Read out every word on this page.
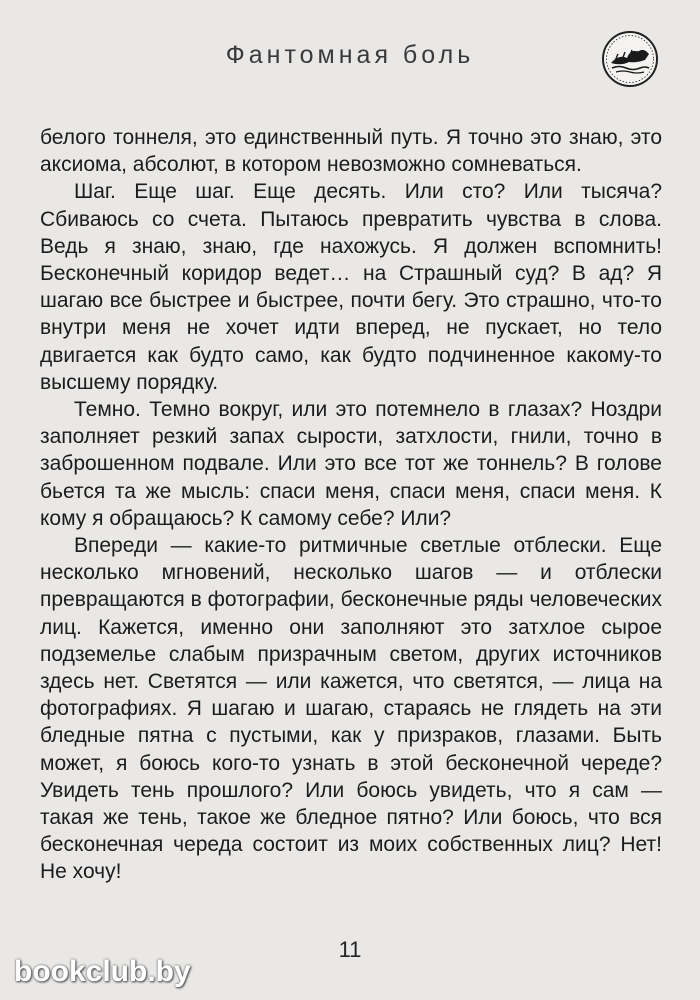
Фантомная боль

белого тоннеля, это единственный путь. Я точно это знаю, это аксиома, абсолют, в котором невозможно сомневаться.

Шаг. Еще шаг. Еще десять. Или сто? Или тысяча? Сбиваюсь со счета. Пытаюсь превратить чувства в слова. Ведь я знаю, знаю, где нахожусь. Я должен вспомнить! Бесконечный коридор ведет… на Страшный суд? В ад? Я шагаю все быстрее и быстрее, почти бегу. Это страшно, что-то внутри меня не хочет идти вперед, не пускает, но тело двигается как будто само, как будто подчиненное какому-то высшему порядку.

Темно. Темно вокруг, или это потемнело в глазах? Ноздри заполняет резкий запах сырости, затхлости, гнили, точно в заброшенном подвале. Или это все тот же тоннель? В голове бьется та же мысль: спаси меня, спаси меня, спаси меня. К кому я обращаюсь? К самому себе? Или?

Впереди — какие-то ритмичные светлые отблески. Еще несколько мгновений, несколько шагов — и отблески превращаются в фотографии, бесконечные ряды человеческих лиц. Кажется, именно они заполняют это затхлое сырое подземелье слабым призрачным светом, других источников здесь нет. Светятся — или кажется, что светятся, — лица на фотографиях. Я шагаю и шагаю, стараясь не глядеть на эти бледные пятна с пустыми, как у призраков, глазами. Быть может, я боюсь кого-то узнать в этой бесконечной череде? Увидеть тень прошлого? Или боюсь увидеть, что я сам — такая же тень, такое же бледное пятно? Или боюсь, что вся бесконечная череда состоит из моих собственных лиц? Нет! Не хочу!

11
bookclub.by
